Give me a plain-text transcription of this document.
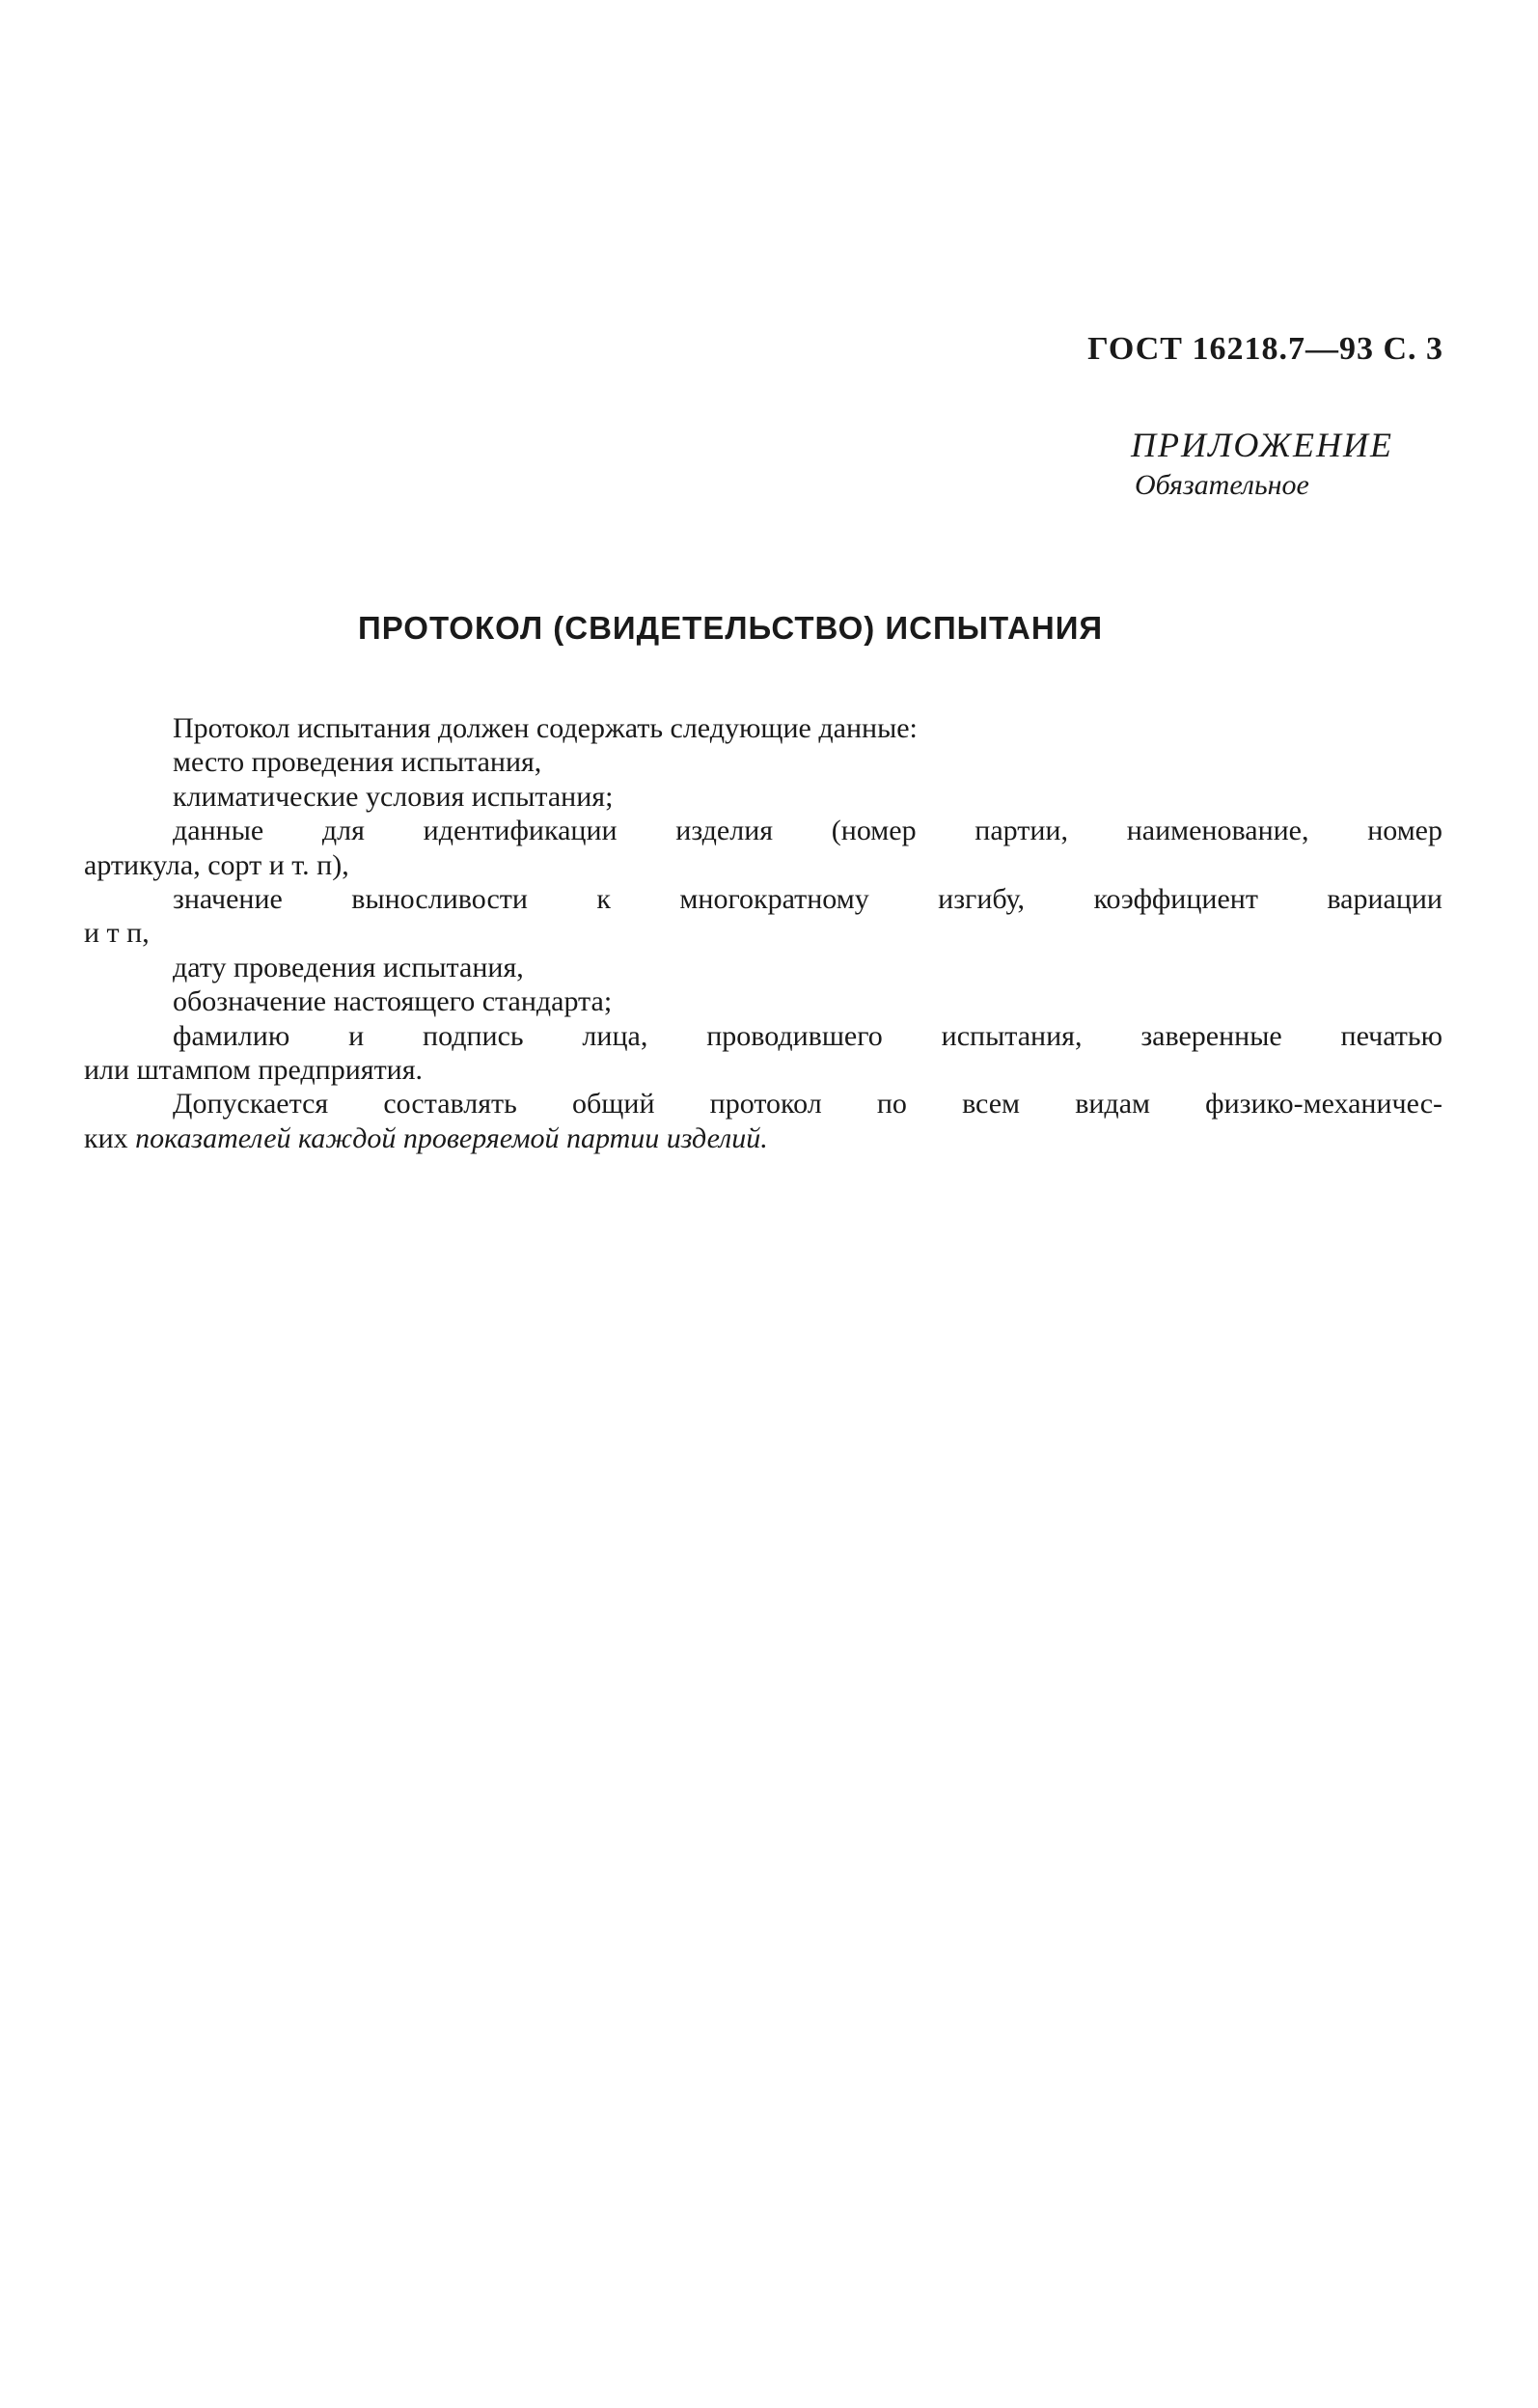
ГОСТ 16218.7—93 С. 3
ПРИЛОЖЕНИЕ
Обязательное
ПРОТОКОЛ (СВИДЕТЕЛЬСТВО) ИСПЫТАНИЯ
Протокол испытания должен содержать следующие данные:
место проведения испытания,
климатические условия испытания;
данные для идентификации изделия (номер партии, наименование, номер
артикула, сорт и т. п),
значение выносливости к многократному изгибу, коэффициент вариации
и т п,
дату проведения испытания,
обозначение настоящего стандарта;
фамилию и подпись лица, проводившего испытания, заверенные печатью
или штампом предприятия.
Допускается составлять общий протокол по всем видам физико-механичес-
ких показателей каждой проверяемой партии изделий.
